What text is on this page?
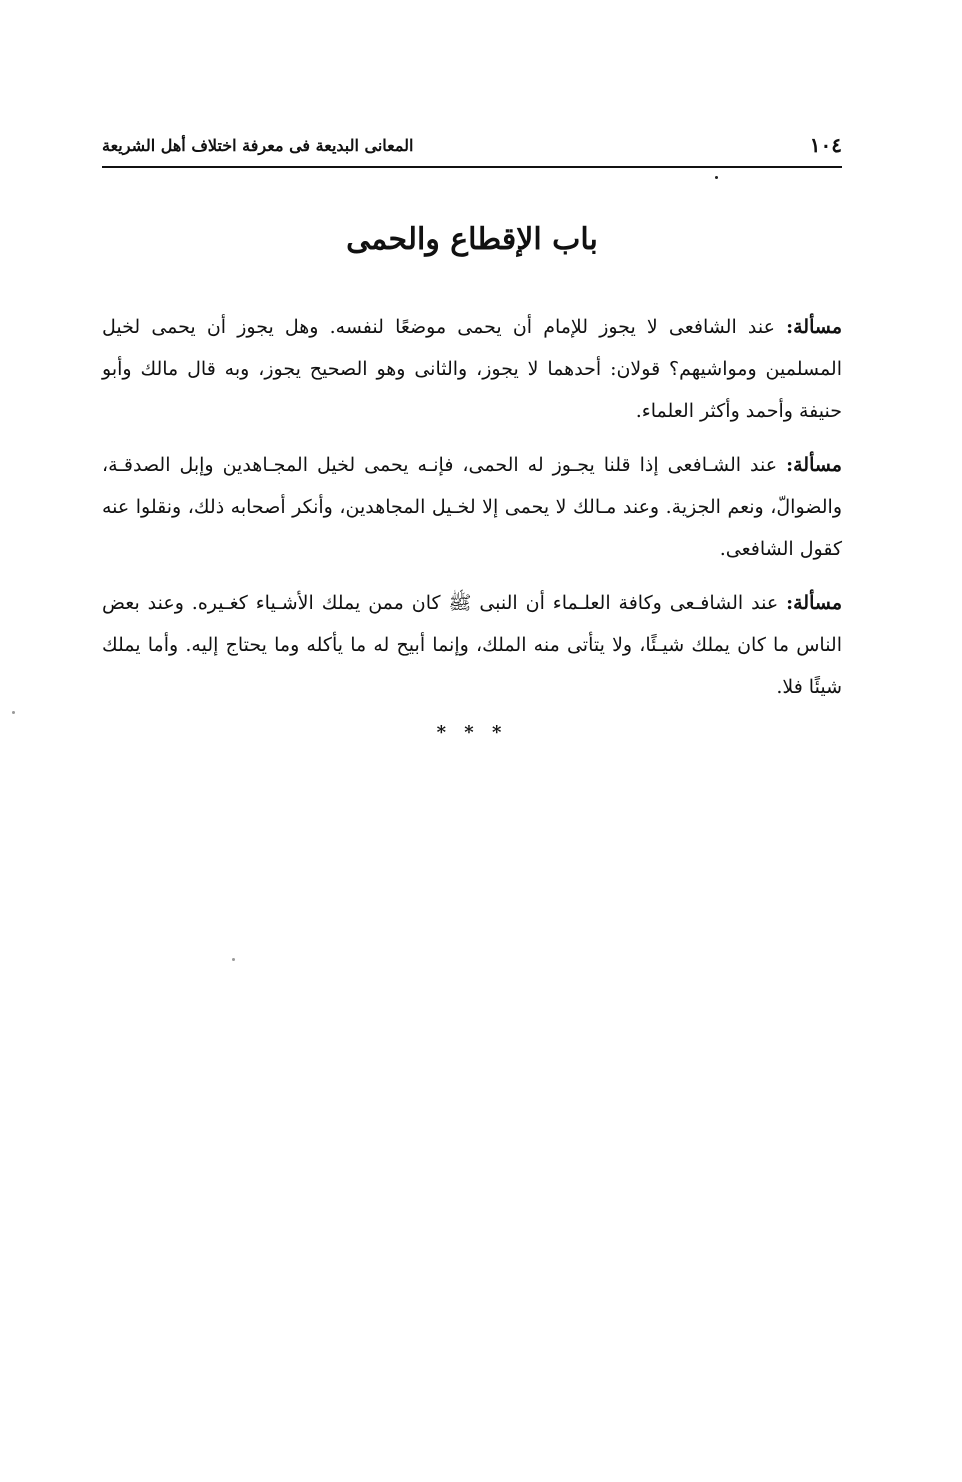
١٠٤
المعانى البديعة فى معرفة اختلاف أهل الشريعة
باب الإقطاع والحمى

مسألة: عند الشافعى لا يجوز للإمام أن يحمى موضعًا لنفسه. وهل يجوز أن يحمى لخيل المسلمين ومواشيهم؟ قولان: أحدهما لا يجوز، والثانى وهو الصحيح يجوز، وبه قال مالك وأبو حنيفة وأحمد وأكثر العلماء.

مسألة: عند الشـافعى إذا قلنا يجـوز له الحمى، فإنـه يحمى لخيل المجـاهدين وإبل الصدقـة، والضوالّ، ونعم الجزية. وعند مـالك لا يحمى إلا لخـيل المجاهدين، وأنكر أصحابه ذلك، ونقلوا عنه كقول الشافعى.

مسألة: عند الشافـعى وكافة العلـماء أن النبى ﷺ كان ممن يملك الأشـياء كغـيره. وعند بعض الناس ما كان يملك شيـئًا، ولا يتأتى منه الملك، وإنما أبيح له ما يأكله وما يحتاج إليه. وأما يملك شيئًا فلا.

* * *
